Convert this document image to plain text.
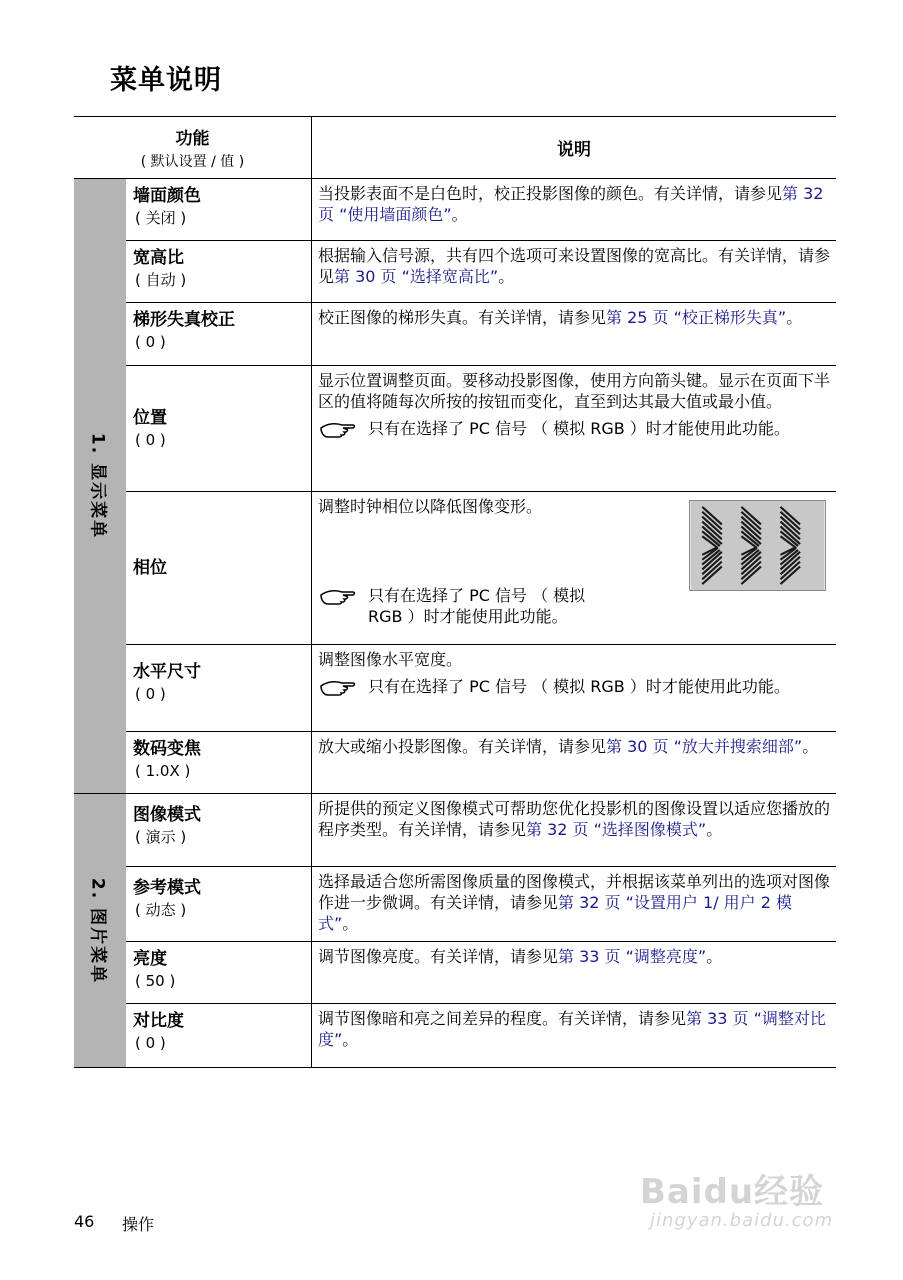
菜单说明
功能
( 默认设置 / 值 )
说明
1. 显示菜单
墙面颜色
( 关闭 )
当投影表面不是白色时，校正投影图像的颜色。有关详情，请参见第 32 页 “使用墙面颜色”。
宽高比
( 自动 )
根据输入信号源，共有四个选项可来设置图像的宽高比。有关详情，请参见第 30 页 “选择宽高比”。
梯形失真校正
( 0 )
校正图像的梯形失真。有关详情，请参见第 25 页 “校正梯形失真”。
位置
( 0 )
显示位置调整页面。要移动投影图像，使用方向箭头键。显示在页面下半区的值将随每次所按的按钮而变化，直至到达其最大值或最小值。
只有在选择了 PC 信号 （ 模拟 RGB ）时才能使用此功能。
相位
调整时钟相位以降低图像变形。
只有在选择了 PC 信号 （ 模拟
RGB ）时才能使用此功能。
水平尺寸
( 0 )
调整图像水平宽度。
只有在选择了 PC 信号 （ 模拟 RGB ）时才能使用此功能。
数码变焦
( 1.0X )
放大或缩小投影图像。有关详情，请参见第 30 页 “放大并搜索细部”。
2. 图片菜单
图像模式
( 演示 )
所提供的预定义图像模式可帮助您优化投影机的图像设置以适应您播放的程序类型。有关详情，请参见第 32 页 “选择图像模式”。
参考模式
( 动态 )
选择最适合您所需图像质量的图像模式，并根据该菜单列出的选项对图像作进一步微调。有关详情，请参见第 32 页 “设置用户 1/ 用户 2 模式”。
亮度
( 50 )
调节图像亮度。有关详情，请参见第 33 页 “调整亮度”。
对比度
( 0 )
调节图像暗和亮之间差异的程度。有关详情，请参见第 33 页 “调整对比度”。
46 操作
Baidu经验
jingyan.baidu.com
